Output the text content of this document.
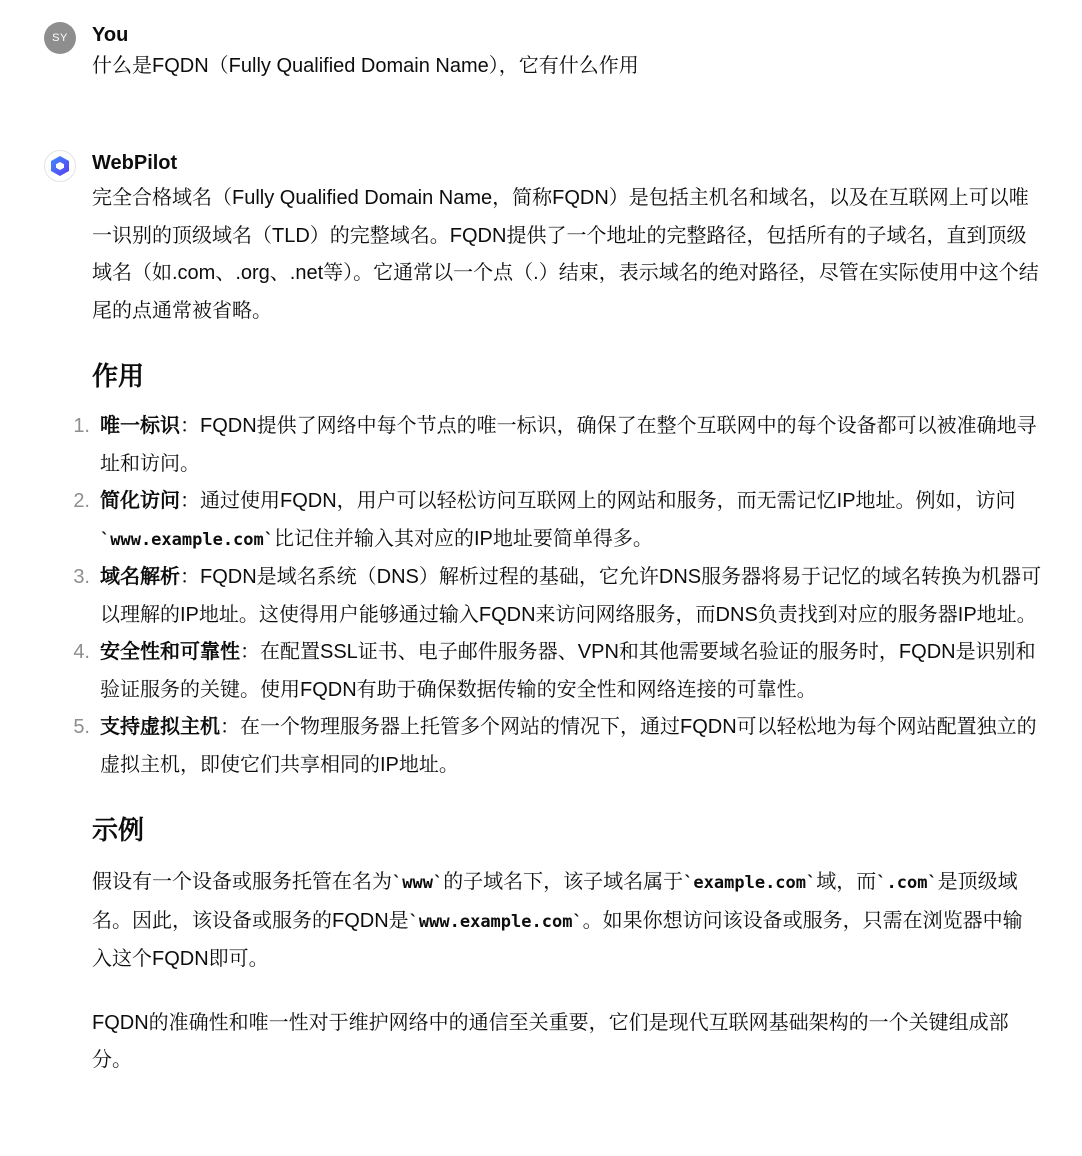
SY	You
什么是FQDN（Fully Qualified Domain Name），它有什么作用
WebPilot

完全合格域名（Fully Qualified Domain Name，简称FQDN）是包括主机名和域名，以及在互联网上可以唯一识别的顶级域名（TLD）的完整域名。FQDN提供了一个地址的完整路径，包括所有的子域名，直到顶级域名（如.com、.org、.net等）。它通常以一个点（.）结束，表示域名的绝对路径，尽管在实际使用中这个结尾的点通常被省略。

作用
1. 唯一标识：FQDN提供了网络中每个节点的唯一标识，确保了在整个互联网中的每个设备都可以被准确地寻址和访问。
2. 简化访问：通过使用FQDN，用户可以轻松访问互联网上的网站和服务，而无需记忆IP地址。例如，访问`www.example.com`比记住并输入其对应的IP地址要简单得多。
3. 域名解析：FQDN是域名系统（DNS）解析过程的基础，它允许DNS服务器将易于记忆的域名转换为机器可以理解的IP地址。这使得用户能够通过输入FQDN来访问网络服务，而DNS负责找到对应的服务器IP地址。
4. 安全性和可靠性：在配置SSL证书、电子邮件服务器、VPN和其他需要域名验证的服务时，FQDN是识别和验证服务的关键。使用FQDN有助于确保数据传输的安全性和网络连接的可靠性。
5. 支持虚拟主机：在一个物理服务器上托管多个网站的情况下，通过FQDN可以轻松地为每个网站配置独立的虚拟主机，即使它们共享相同的IP地址。
示例

假设有一个设备或服务托管在名为`www`的子域名下，该子域名属于`example.com`域，而`.com`是顶级域名。因此，该设备或服务的FQDN是`www.example.com`。如果你想访问该设备或服务，只需在浏览器中输入这个FQDN即可。

FQDN的准确性和唯一性对于维护网络中的通信至关重要，它们是现代互联网基础架构的一个关键组成部分。
